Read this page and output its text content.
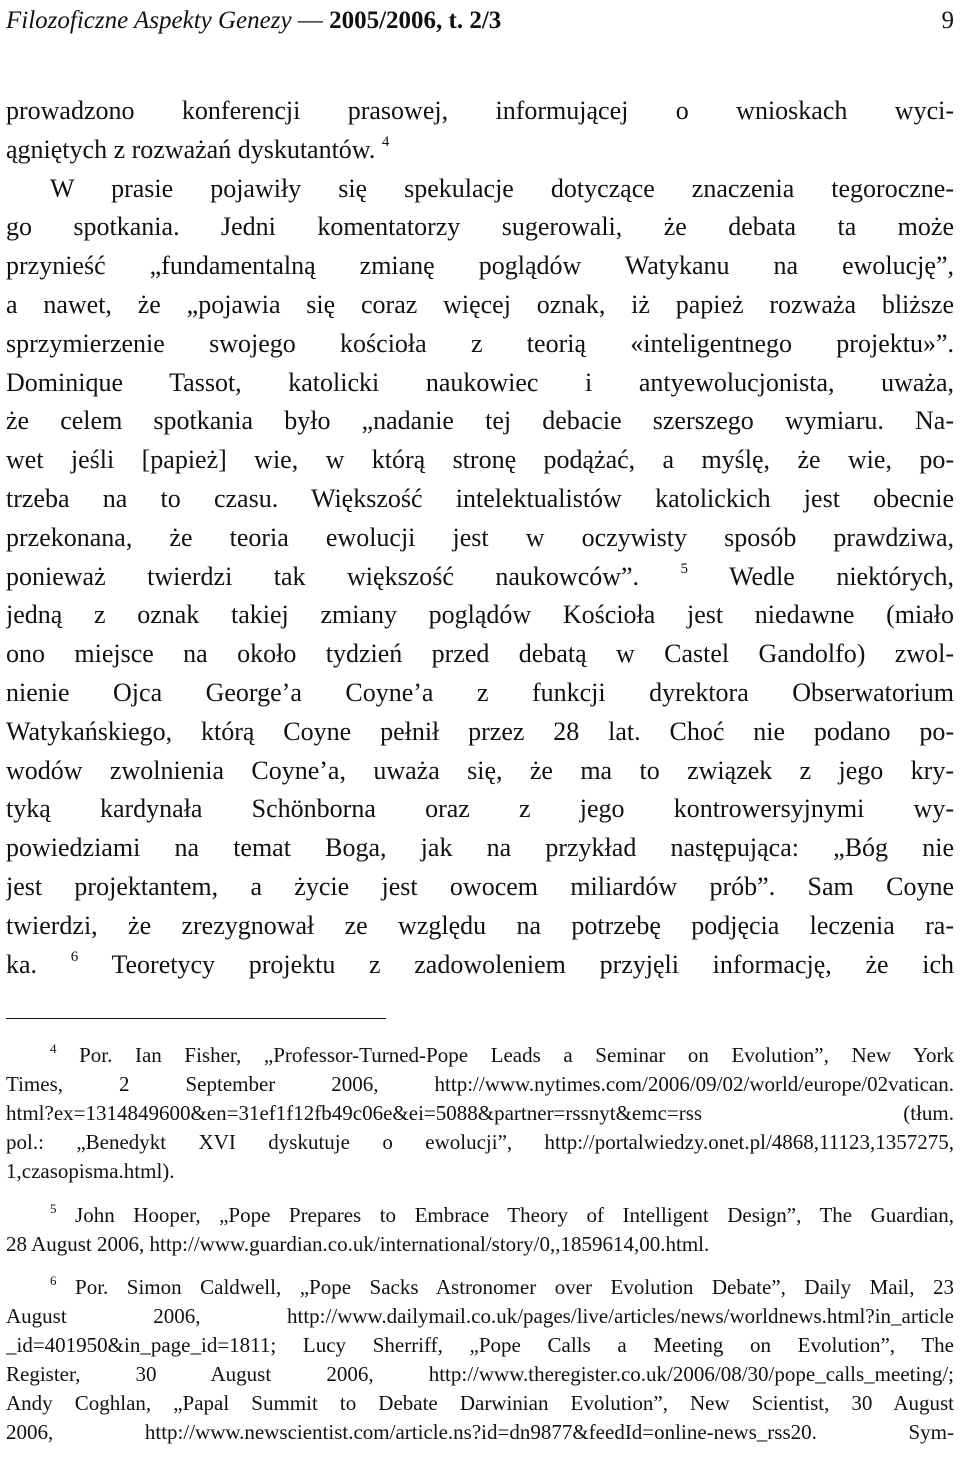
Filozoficzne Aspekty Genezy — 2005/2006, t. 2/3	9
prowadzono konferencji prasowej, informującej o wnioskach wyci-
ągniętych z rozważań dyskutantów. $^4$
W prasie pojawiły się spekulacje dotyczące znaczenia tegoroczne-
go spotkania. Jedni komentatorzy sugerowali, że debata ta może
przynieść „fundamentalną zmianę poglądów Watykanu na ewolucję”,
a nawet, że „pojawia się coraz więcej oznak, iż papież rozważa bliższe
sprzymierzenie swojego kościoła z teorią «inteligentnego projektu»”.
Dominique Tassot, katolicki naukowiec i antyewolucjonista, uważa,
że celem spotkania było „nadanie tej debacie szerszego wymiaru. Na-
wet jeśli [papież] wie, w którą stronę podążać, a myślę, że wie, po-
trzeba na to czasu. Większość intelektualistów katolickich jest obecnie
przekonana, że teoria ewolucji jest w oczywisty sposób prawdziwa,
ponieważ twierdzi tak większość naukowców”.	$^5$ Wedle niektórych,
jedną z oznak takiej zmiany poglądów Kościoła jest niedawne (miało
ono miejsce na około tydzień przed debatą w Castel Gandolfo) zwol-
nienie Ojca George’a Coyne’a z funkcji dyrektora Obserwatorium
Watykańskiego, którą Coyne pełnił przez 28 lat. Choć nie podano po-
wodów zwolnienia Coyne’a, uważa się, że ma to związek z jego kry-
tyką kardynała Schönborna oraz z jego kontrowersyjnymi wy-
powiedziami na temat Boga, jak na przykład następująca: „Bóg nie
jest projektantem, a życie jest owocem miliardów prób”. Sam Coyne
twierdzi, że zrezygnował ze względu na potrzebę podjęcia leczenia ra-
ka. $^6$ Teoretycy projektu z zadowoleniem przyjęli informację, że ich
$^4$ Por. Ian Fisher, „Professor-Turned-Pope Leads a Seminar on Evolution”, New York
Times, 2 September 2006, http://www.nytimes.com/2006/09/02/world/europe/02vatican.
html?ex=1314849600&en=31ef1f12fb49c06e&ei=5088&partner=rssnyt&emc=rss (tłum.
pol.: „Benedykt XVI dyskutuje o ewolucji”, http://portalwiedzy.onet.pl/4868,11123,1357275,
1,czasopisma.html).
$^5$ John Hooper, „Pope Prepares to Embrace Theory of Intelligent Design”, The Guardian,
28 August 2006, http://www.guardian.co.uk/international/story/0,,1859614,00.html.
$^6$ Por. Simon Caldwell, „Pope Sacks Astronomer over Evolution Debate”, Daily Mail, 23
August 2006, http://www.dailymail.co.uk/pages/live/articles/news/worldnews.html?in_article
_id=401950&in_page_id=1811; Lucy Sherriff, „Pope Calls a Meeting on Evolution”, The
Register, 30 August 2006, http://www.theregister.co.uk/2006/08/30/pope_calls_meeting/;
Andy Coghlan, „Papal Summit to Debate Darwinian Evolution”, New Scientist, 30 August
2006, http://www.newscientist.com/article.ns?id=dn9877&feedId=online-news_rss20. Sym-
